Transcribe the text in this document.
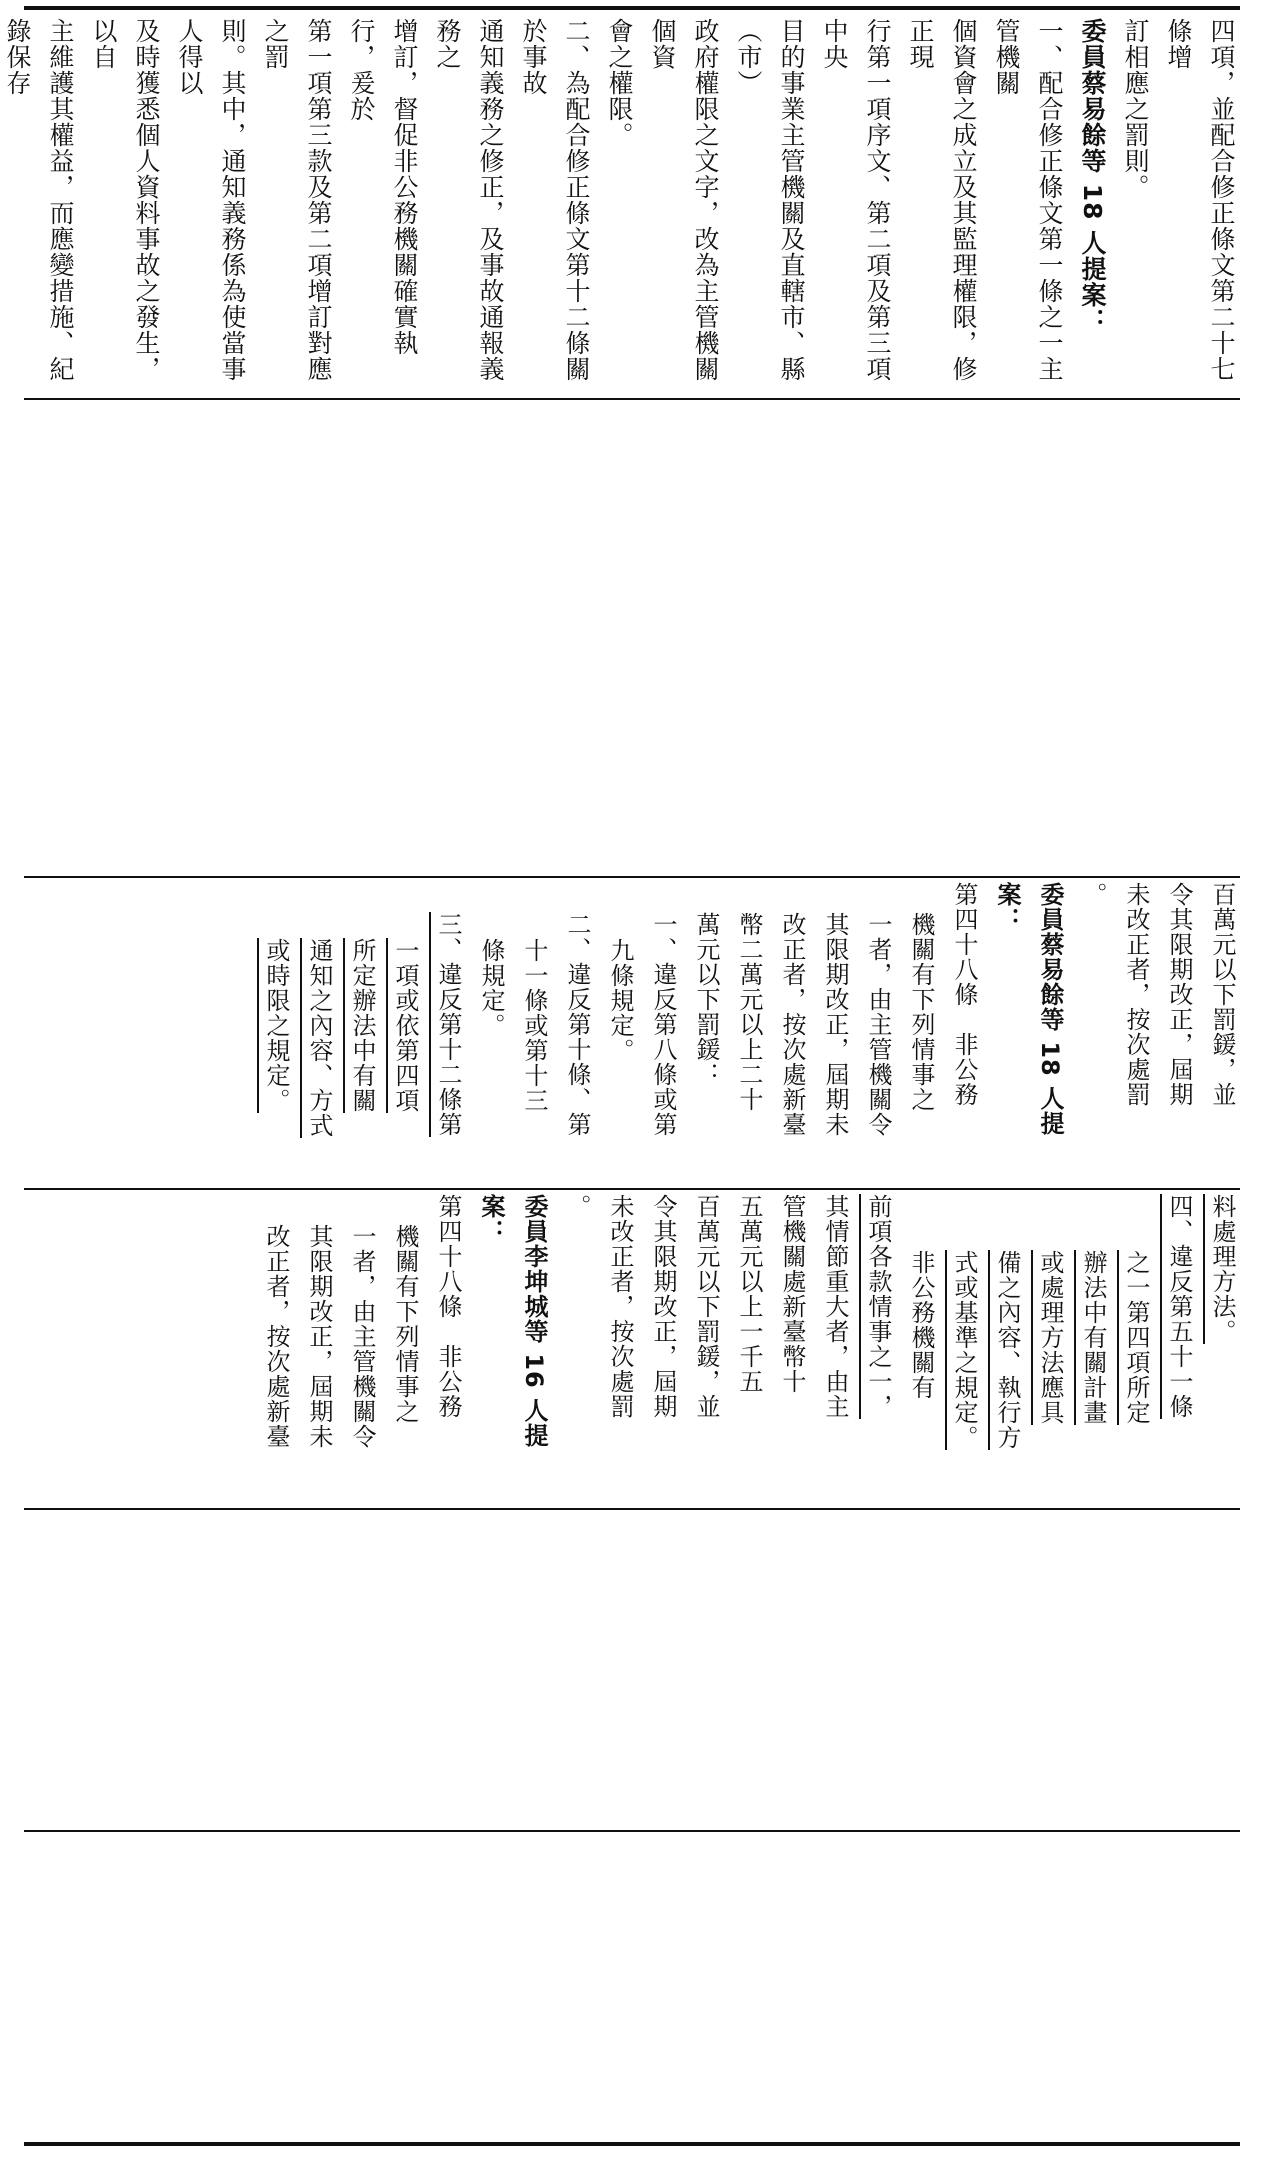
四項，並配合修正條文第二十七條增
訂相應之罰則。
委員蔡易餘等 18 人提案：
一、配合修正條文第一條之一主管機關
個資會之成立及其監理權限，修正現
行第一項序文、第二項及第三項中央
目的事業主管機關及直轄市、縣（市）
政府權限之文字，改為主管機關個資
會之權限。
二、為配合修正條文第十二條關於事故
通知義務之修正，及事故通報義務之
增訂，督促非公務機關確實執行，爰於
第一項第三款及第二項增訂對應之罰
則。其中，通知義務係為使當事人得以
及時獲悉個人資料事故之發生，以自
主維護其權益，而應變措施、紀錄保存
百萬元以下罰鍰，並
令其限期改正，屆期
未改正者，按次處罰
。
委員蔡易餘等 18 人提
案：
第四十八條　非公務
機關有下列情事之
一者，由主管機關令
其限期改正，屆期未
改正者，按次處新臺
幣二萬元以上二十
萬元以下罰鍰：
一、違反第八條或第
九條規定。
二、違反第十條、第
十一條或第十三
條規定。
三、違反第十二條第
一項或依第四項
所定辦法中有關
通知之內容、方式
或時限之規定。
料處理方法。
四、違反第五十一條
之一第四項所定
辦法中有關計畫
或處理方法應具
備之內容、執行方
式或基準之規定。
非公務機關有
前項各款情事之一，
其情節重大者，由主
管機關處新臺幣十
五萬元以上一千五
百萬元以下罰鍰，並
令其限期改正，屆期
未改正者，按次處罰
。
委員李坤城等 16 人提
案：
第四十八條　非公務
機關有下列情事之
一者，由主管機關令
其限期改正，屆期未
改正者，按次處新臺
